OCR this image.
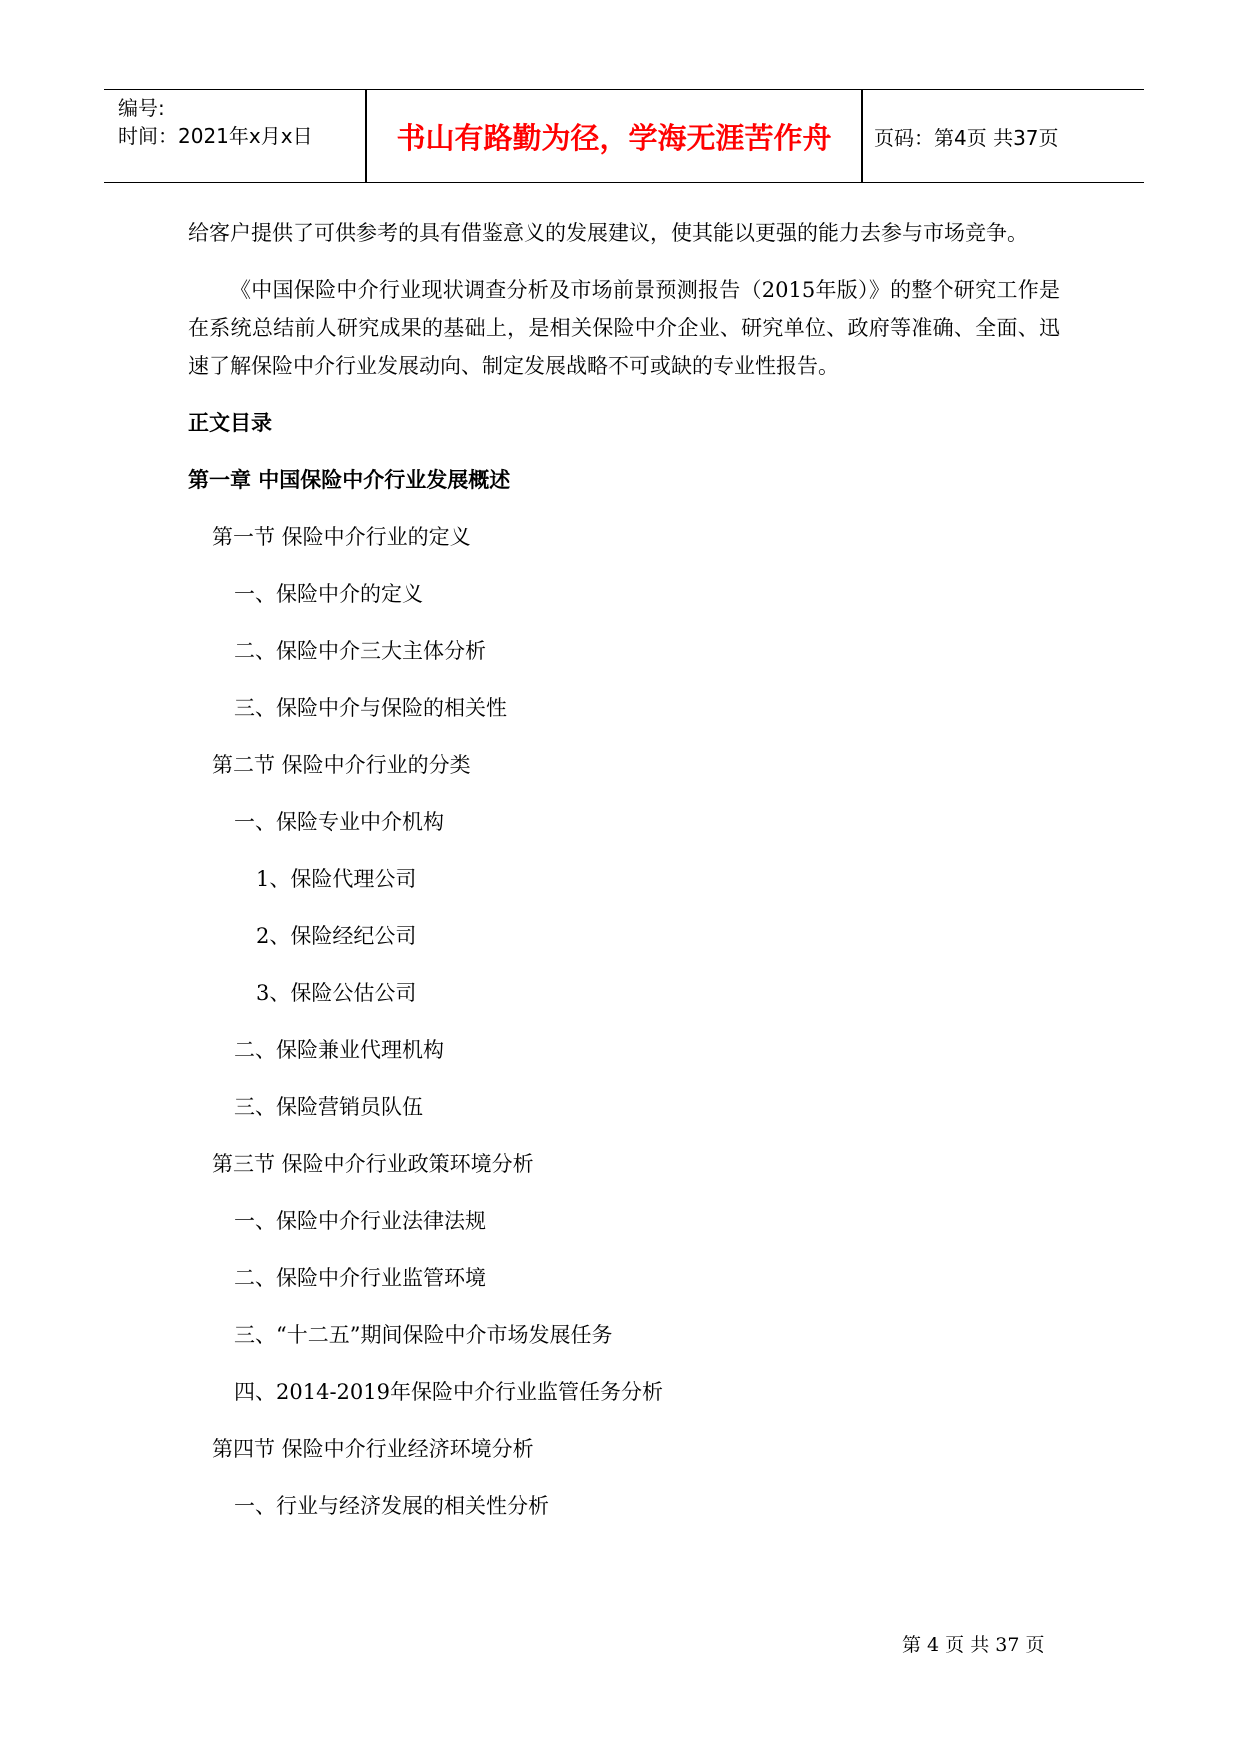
编号:
时间：2021年x月x日	书山有路勤为径，学海无涯苦作舟	页码：第4页 共37页

给客户提供了可供参考的具有借鉴意义的发展建议，使其能以更强的能力去参与市场竞争。

《中国保险中介行业现状调查分析及市场前景预测报告（2015年版）》的整个研究工作是在系统总结前人研究成果的基础上，是相关保险中介企业、研究单位、政府等准确、全面、迅速了解保险中介行业发展动向、制定发展战略不可或缺的专业性报告。

正文目录
第一章 中国保险中介行业发展概述
第一节 保险中介行业的定义
一、保险中介的定义
二、保险中介三大主体分析
三、保险中介与保险的相关性
第二节 保险中介行业的分类
一、保险专业中介机构
1、保险代理公司
2、保险经纪公司
3、保险公估公司
二、保险兼业代理机构
三、保险营销员队伍
第三节 保险中介行业政策环境分析
一、保险中介行业法律法规
二、保险中介行业监管环境
三、“十二五”期间保险中介市场发展任务
四、2014-2019年保险中介行业监管任务分析
第四节 保险中介行业经济环境分析
一、行业与经济发展的相关性分析
第 4 页 共 37 页
